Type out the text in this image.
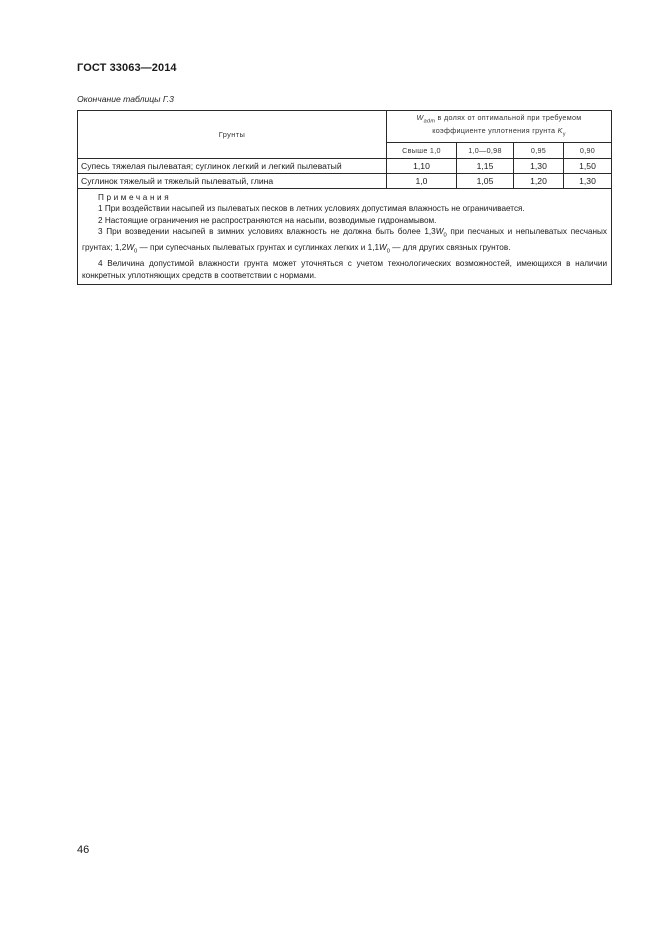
ГОСТ 33063—2014
Окончание таблицы Г.3
Грунты	$W_{adm}$ в долях от оптимальной при требуемом коэффициенте уплотнения грунта $K_y$
	Свыше 1,0	1,0—0,98	0,95	0,90
Супесь тяжелая пылеватая; суглинок легкий и легкий пылеватый	1,10	1,15	1,30	1,50
Суглинок тяжелый и тяжелый пылеватый, глина	1,0	1,05	1,20	1,30

Примечания
1 При воздействии насыпей из пылеватых песков в летних условиях допустимая влажность не ограничивается.
2 Настоящие ограничения не распространяются на насыпи, возводимые гидронамывом.
3 При возведении насыпей в зимних условиях влажность не должна быть более $1,3W_0$ при песчаных и непылеватых песчаных грунтах; $1,2W_0$ — при супесчаных пылеватых грунтах и суглинках легких и $1,1W_0$ — для других связных грунтов.
4 Величина допустимой влажности грунта может уточняться с учетом технологических возможностей, имеющихся в наличии конкретных уплотняющих средств в соответствии с нормами.				
46
